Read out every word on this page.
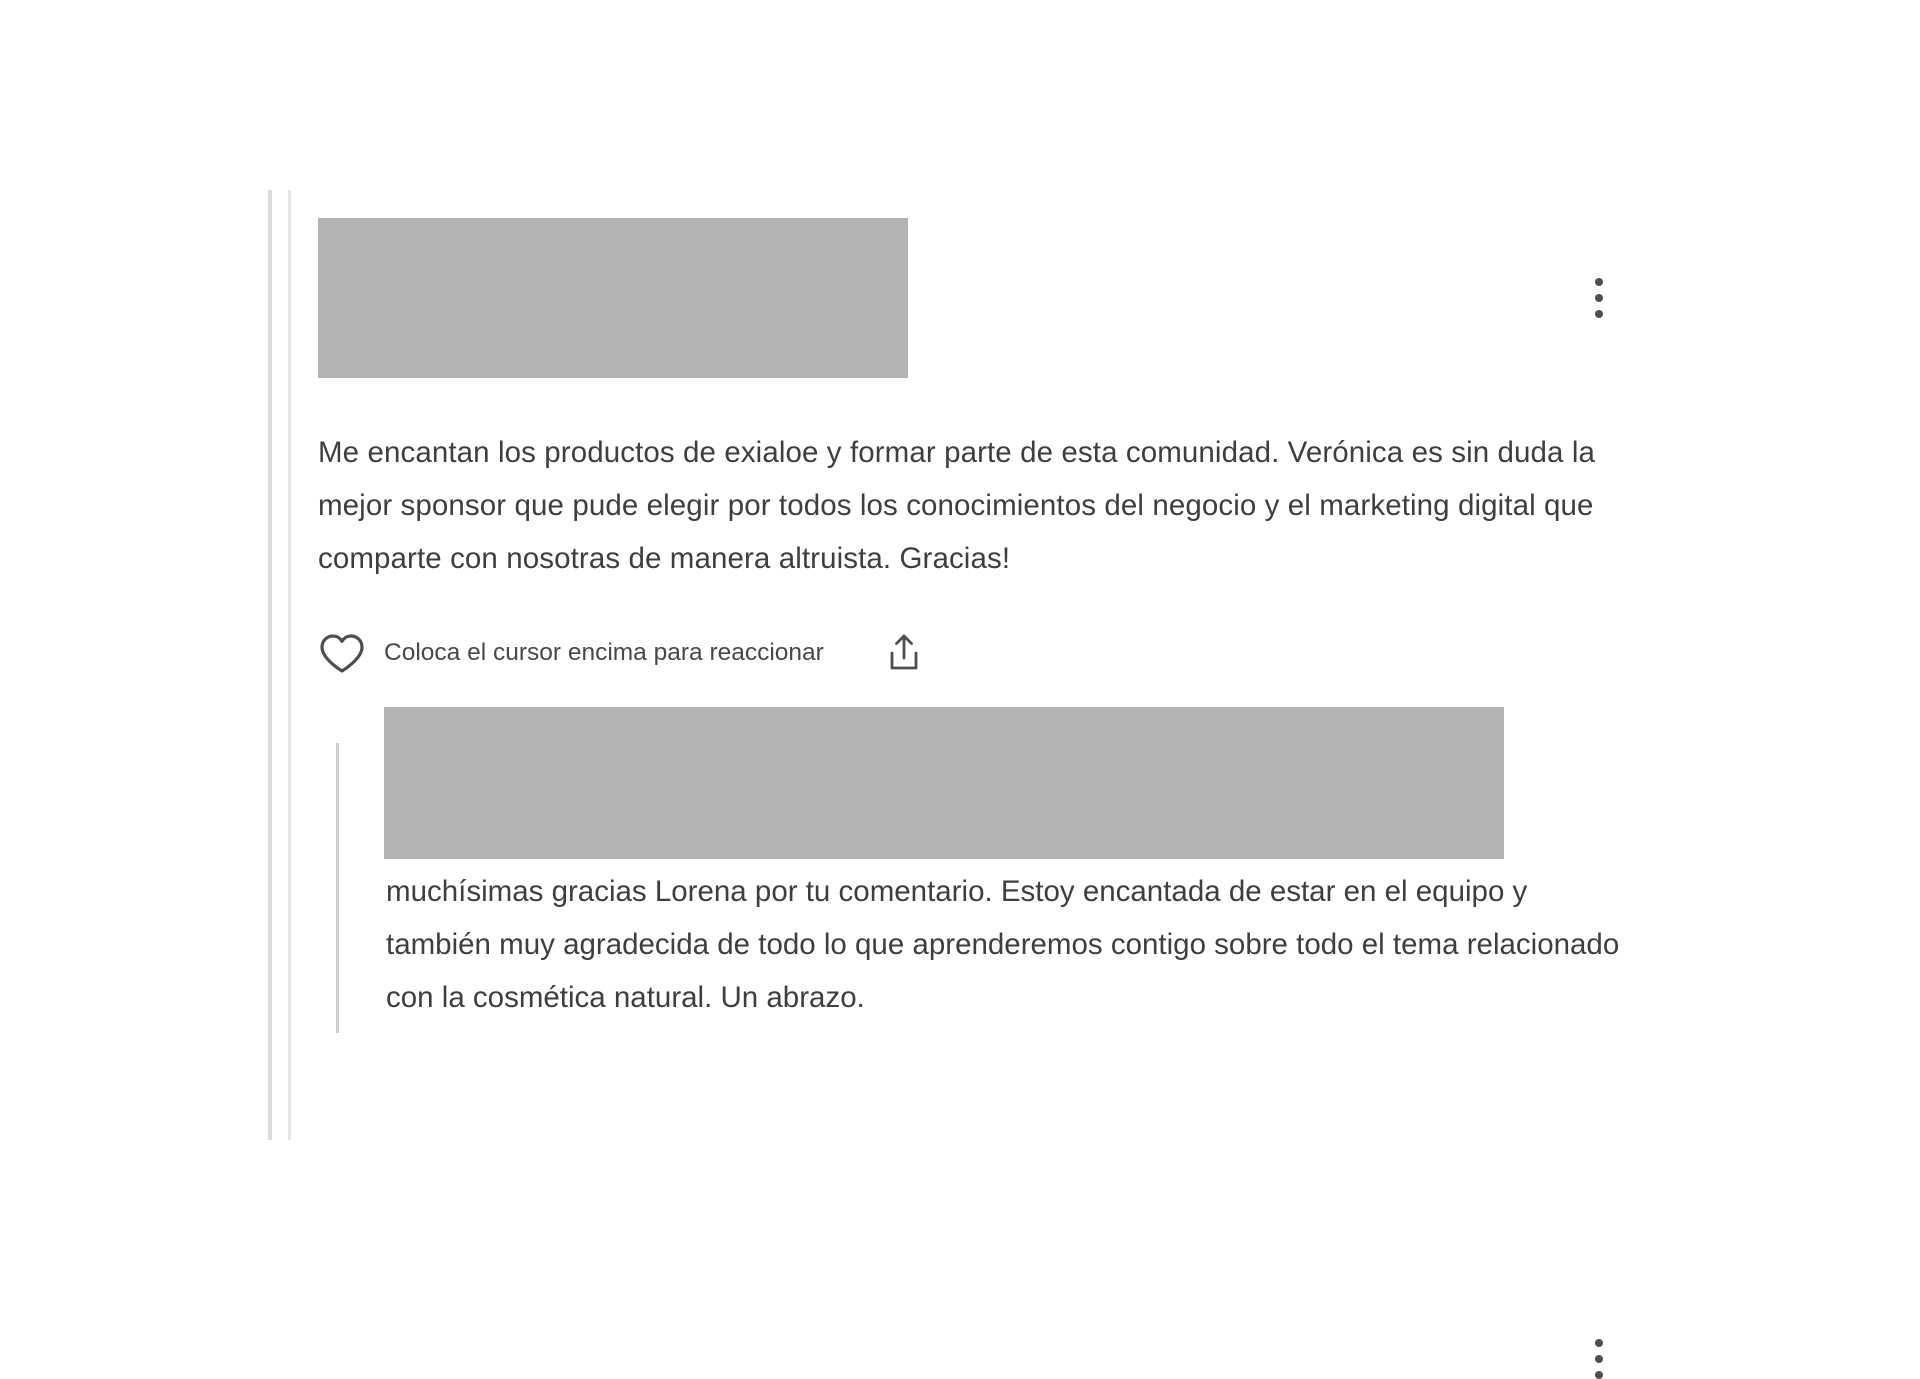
Me encantan los productos de exialoe y formar parte de esta comunidad. Verónica es sin duda la mejor sponsor que pude elegir por todos los conocimientos del negocio y el marketing digital que comparte con nosotras de manera altruista. Gracias!

Coloca el cursor encima para reaccionar

muchísimas gracias Lorena por tu comentario. Estoy encantada de estar en el equipo y también muy agradecida de todo lo que aprenderemos contigo sobre todo el tema relacionado con la cosmética natural. Un abrazo.
